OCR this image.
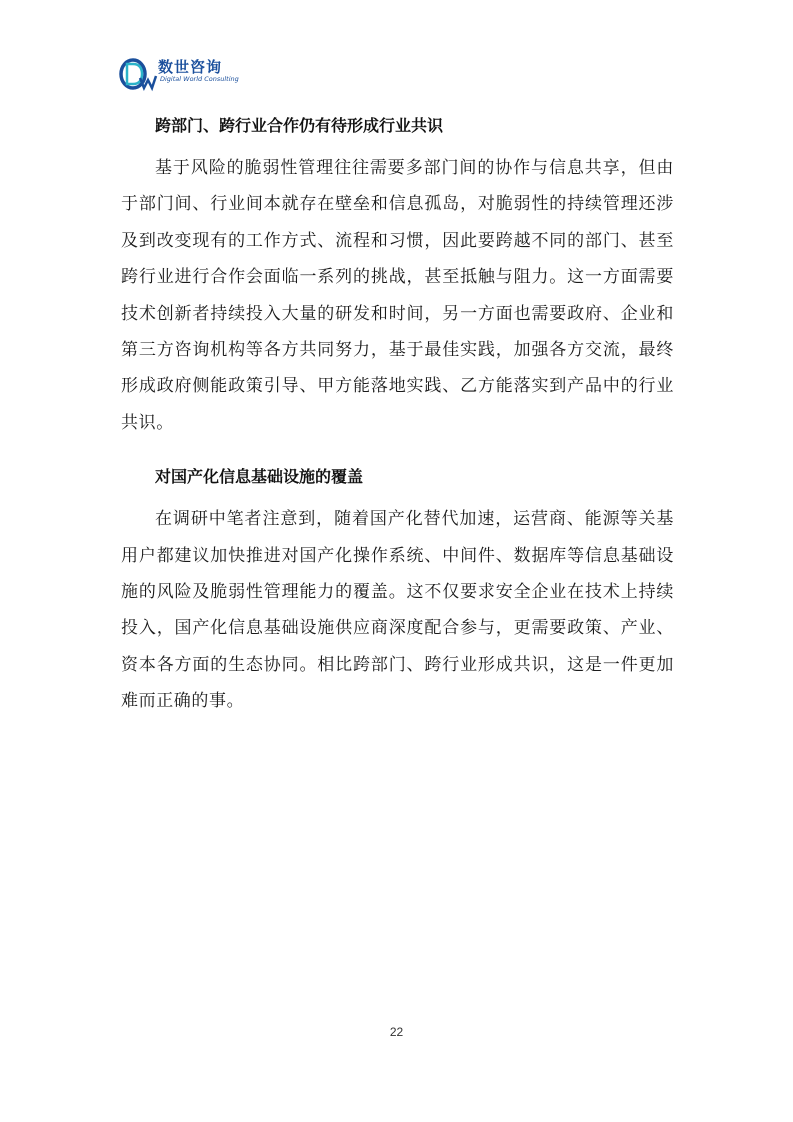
数世咨询
Digital World Consulting
跨部门、跨行业合作仍有待形成行业共识

基于风险的脆弱性管理往往需要多部门间的协作与信息共享，但由于部门间、行业间本就存在壁垒和信息孤岛，对脆弱性的持续管理还涉及到改变现有的工作方式、流程和习惯，因此要跨越不同的部门、甚至跨行业进行合作会面临一系列的挑战，甚至抵触与阻力。这一方面需要技术创新者持续投入大量的研发和时间，另一方面也需要政府、企业和第三方咨询机构等各方共同努力，基于最佳实践，加强各方交流，最终形成政府侧能政策引导、甲方能落地实践、乙方能落实到产品中的行业共识。

对国产化信息基础设施的覆盖

在调研中笔者注意到，随着国产化替代加速，运营商、能源等关基用户都建议加快推进对国产化操作系统、中间件、数据库等信息基础设施的风险及脆弱性管理能力的覆盖。这不仅要求安全企业在技术上持续投入，国产化信息基础设施供应商深度配合参与，更需要政策、产业、资本各方面的生态协同。相比跨部门、跨行业形成共识，这是一件更加难而正确的事。

22
